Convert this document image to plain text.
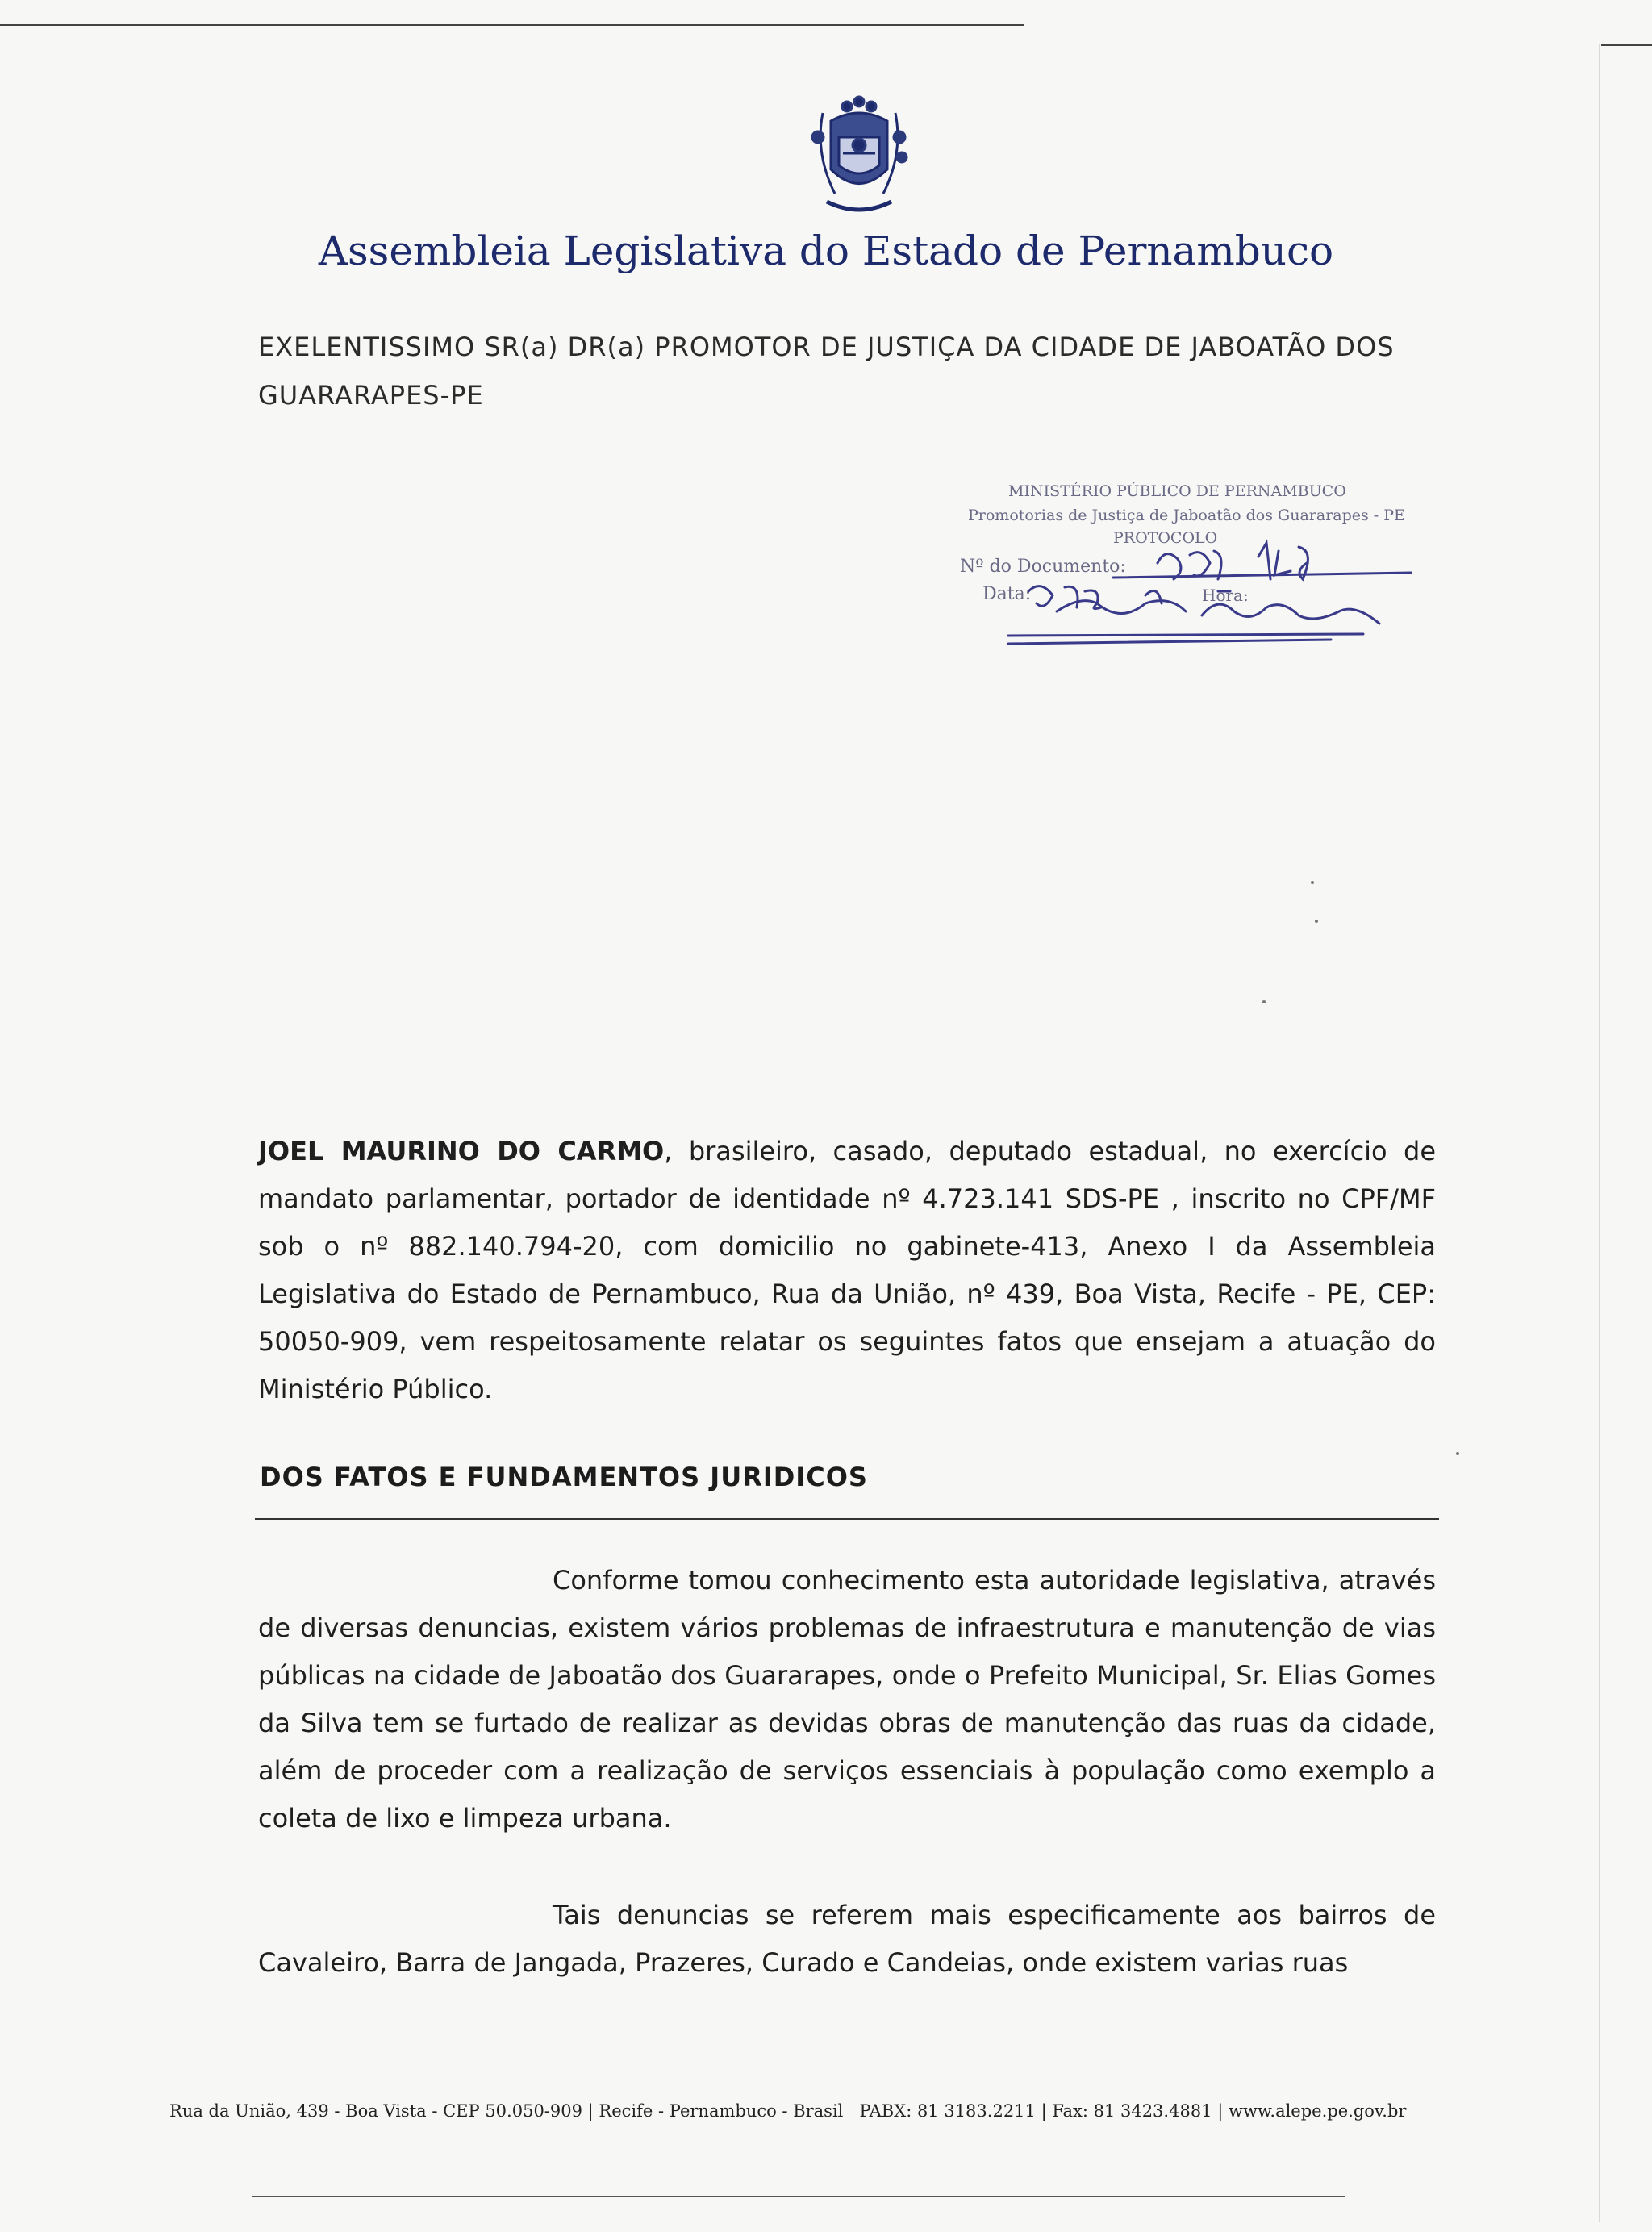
Assembleia Legislativa do Estado de Pernambuco
EXELENTISSIMO SR(a) DR(a) PROMOTOR DE JUSTIÇA DA CIDADE DE JABOATÃO DOS GUARARAPES-PE
MINISTÉRIO PÚBLICO DE PERNAMBUCO
Promotorias de Justiça de Jaboatão dos Guararapes - PE
PROTOCOLO
Nº do Documento:
Data:	Hora:
JOEL MAURINO DO CARMO, brasileiro, casado, deputado estadual, no exercício de mandato parlamentar, portador de identidade nº 4.723.141 SDS-PE , inscrito no CPF/MF sob o nº 882.140.794-20, com domicilio no gabinete-413, Anexo I da Assembleia Legislativa do Estado de Pernambuco, Rua da União, nº 439, Boa Vista, Recife - PE, CEP: 50050-909, vem respeitosamente relatar os seguintes fatos que ensejam a atuação do Ministério Público.
DOS FATOS E FUNDAMENTOS JURIDICOS
Conforme tomou conhecimento esta autoridade legislativa, através de diversas denuncias, existem vários problemas de infraestrutura e manutenção de vias públicas na cidade de Jaboatão dos Guararapes, onde o Prefeito Municipal, Sr. Elias Gomes da Silva tem se furtado de realizar as devidas obras de manutenção das ruas da cidade, além de proceder com a realização de serviços essenciais à população como exemplo a coleta de lixo e limpeza urbana.
Tais denuncias se referem mais especificamente aos bairros de Cavaleiro, Barra de Jangada, Prazeres, Curado e Candeias, onde existem varias ruas
Rua da União, 439 - Boa Vista - CEP 50.050-909 | Recife - Pernambuco - Brasil PABX: 81 3183.2211 | Fax: 81 3423.4881 | www.alepe.pe.gov.br
